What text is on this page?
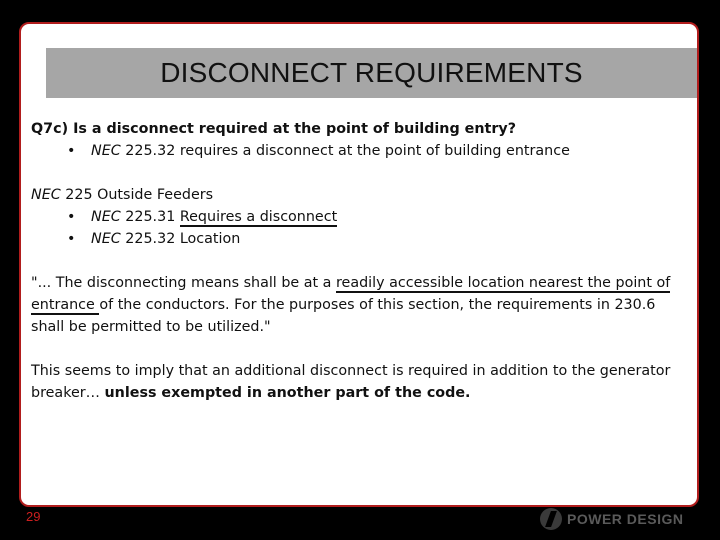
DISCONNECT REQUIREMENTS
Q7c) Is a disconnect required at the point of building entry?
• NEC 225.32 requires a disconnect at the point of building entrance
NEC 225 Outside Feeders
• NEC 225.31 Requires a disconnect
• NEC 225.32 Location
"... The disconnecting means shall be at a readily accessible location nearest the point of entrance of the conductors. For the purposes of this section, the requirements in 230.6 shall be permitted to be utilized."
This seems to imply that an additional disconnect is required in addition to the generator breaker… unless exempted in another part of the code.
29	POWER DESIGN
